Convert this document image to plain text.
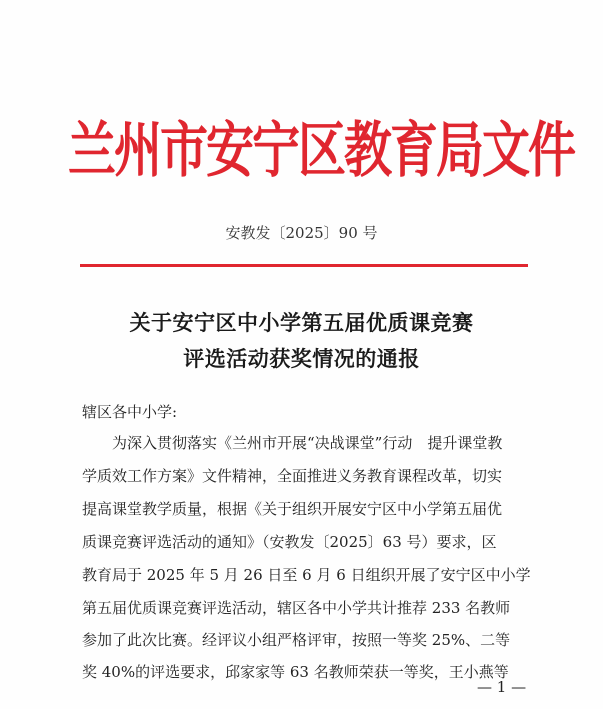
兰州市安宁区教育局文件
安教发〔2025〕90 号
关于安宁区中小学第五届优质课竞赛
评选活动获奖情况的通报
辖区各中小学:
为深入贯彻落实《兰州市开展“决战课堂”行动　提升课堂教
学质效工作方案》文件精神，全面推进义务教育课程改革，切实
提高课堂教学质量，根据《关于组织开展安宁区中小学第五届优
质课竞赛评选活动的通知》（安教发〔2025〕63 号）要求，区
教育局于 2025 年 5 月 26 日至 6 月 6 日组织开展了安宁区中小学
第五届优质课竞赛评选活动，辖区各中小学共计推荐 233 名教师
参加了此次比赛。经评议小组严格评审，按照一等奖 25%、二等
奖 40%的评选要求，邱家家等 63 名教师荣获一等奖，王小燕等
— 1 —
